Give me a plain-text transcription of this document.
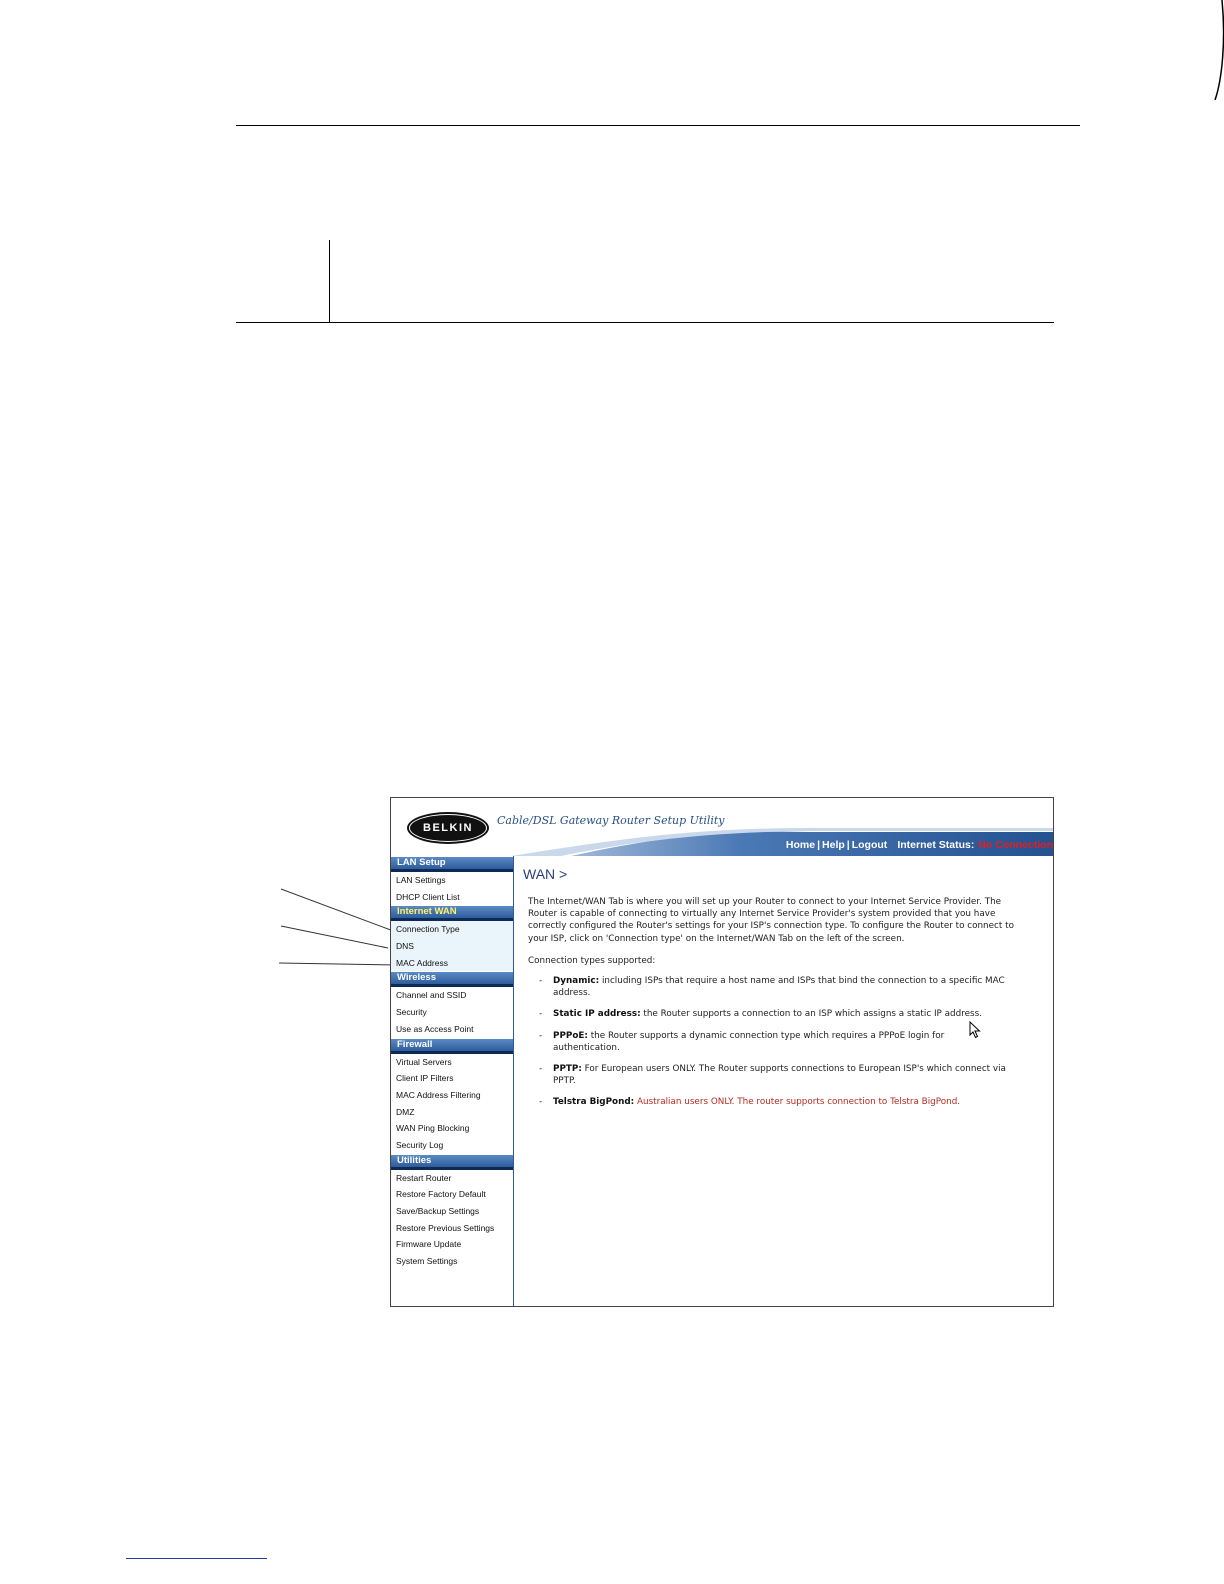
BELKIN
Cable/DSL Gateway Router Setup Utility
Home | Help | Logout Internet Status: No Connection
LAN Setup
LAN Settings
DHCP Client List
Internet WAN
Connection Type
DNS
MAC Address
Wireless
Channel and SSID
Security
Use as Access Point
Firewall
Virtual Servers
Client IP Filters
MAC Address Filtering
DMZ
WAN Ping Blocking
Security Log
Utilities
Restart Router
Restore Factory Default
Save/Backup Settings
Restore Previous Settings
Firmware Update
System Settings
WAN >
The Internet/WAN Tab is where you will set up your Router to connect to your Internet Service Provider. The Router is capable of connecting to virtually any Internet Service Provider's system provided that you have correctly configured the Router's settings for your ISP's connection type. To configure the Router to connect to your ISP, click on 'Connection type' on the Internet/WAN Tab on the left of the screen.
Connection types supported:
- Dynamic: including ISPs that require a host name and ISPs that bind the connection to a specific MAC address.
- Static IP address: the Router supports a connection to an ISP which assigns a static IP address.
- PPPoE: the Router supports a dynamic connection type which requires a PPPoE login for authentication.
- PPTP: For European users ONLY. The Router supports connections to European ISP's which connect via PPTP.
- Telstra BigPond: Australian users ONLY. The router supports connection to Telstra BigPond.
